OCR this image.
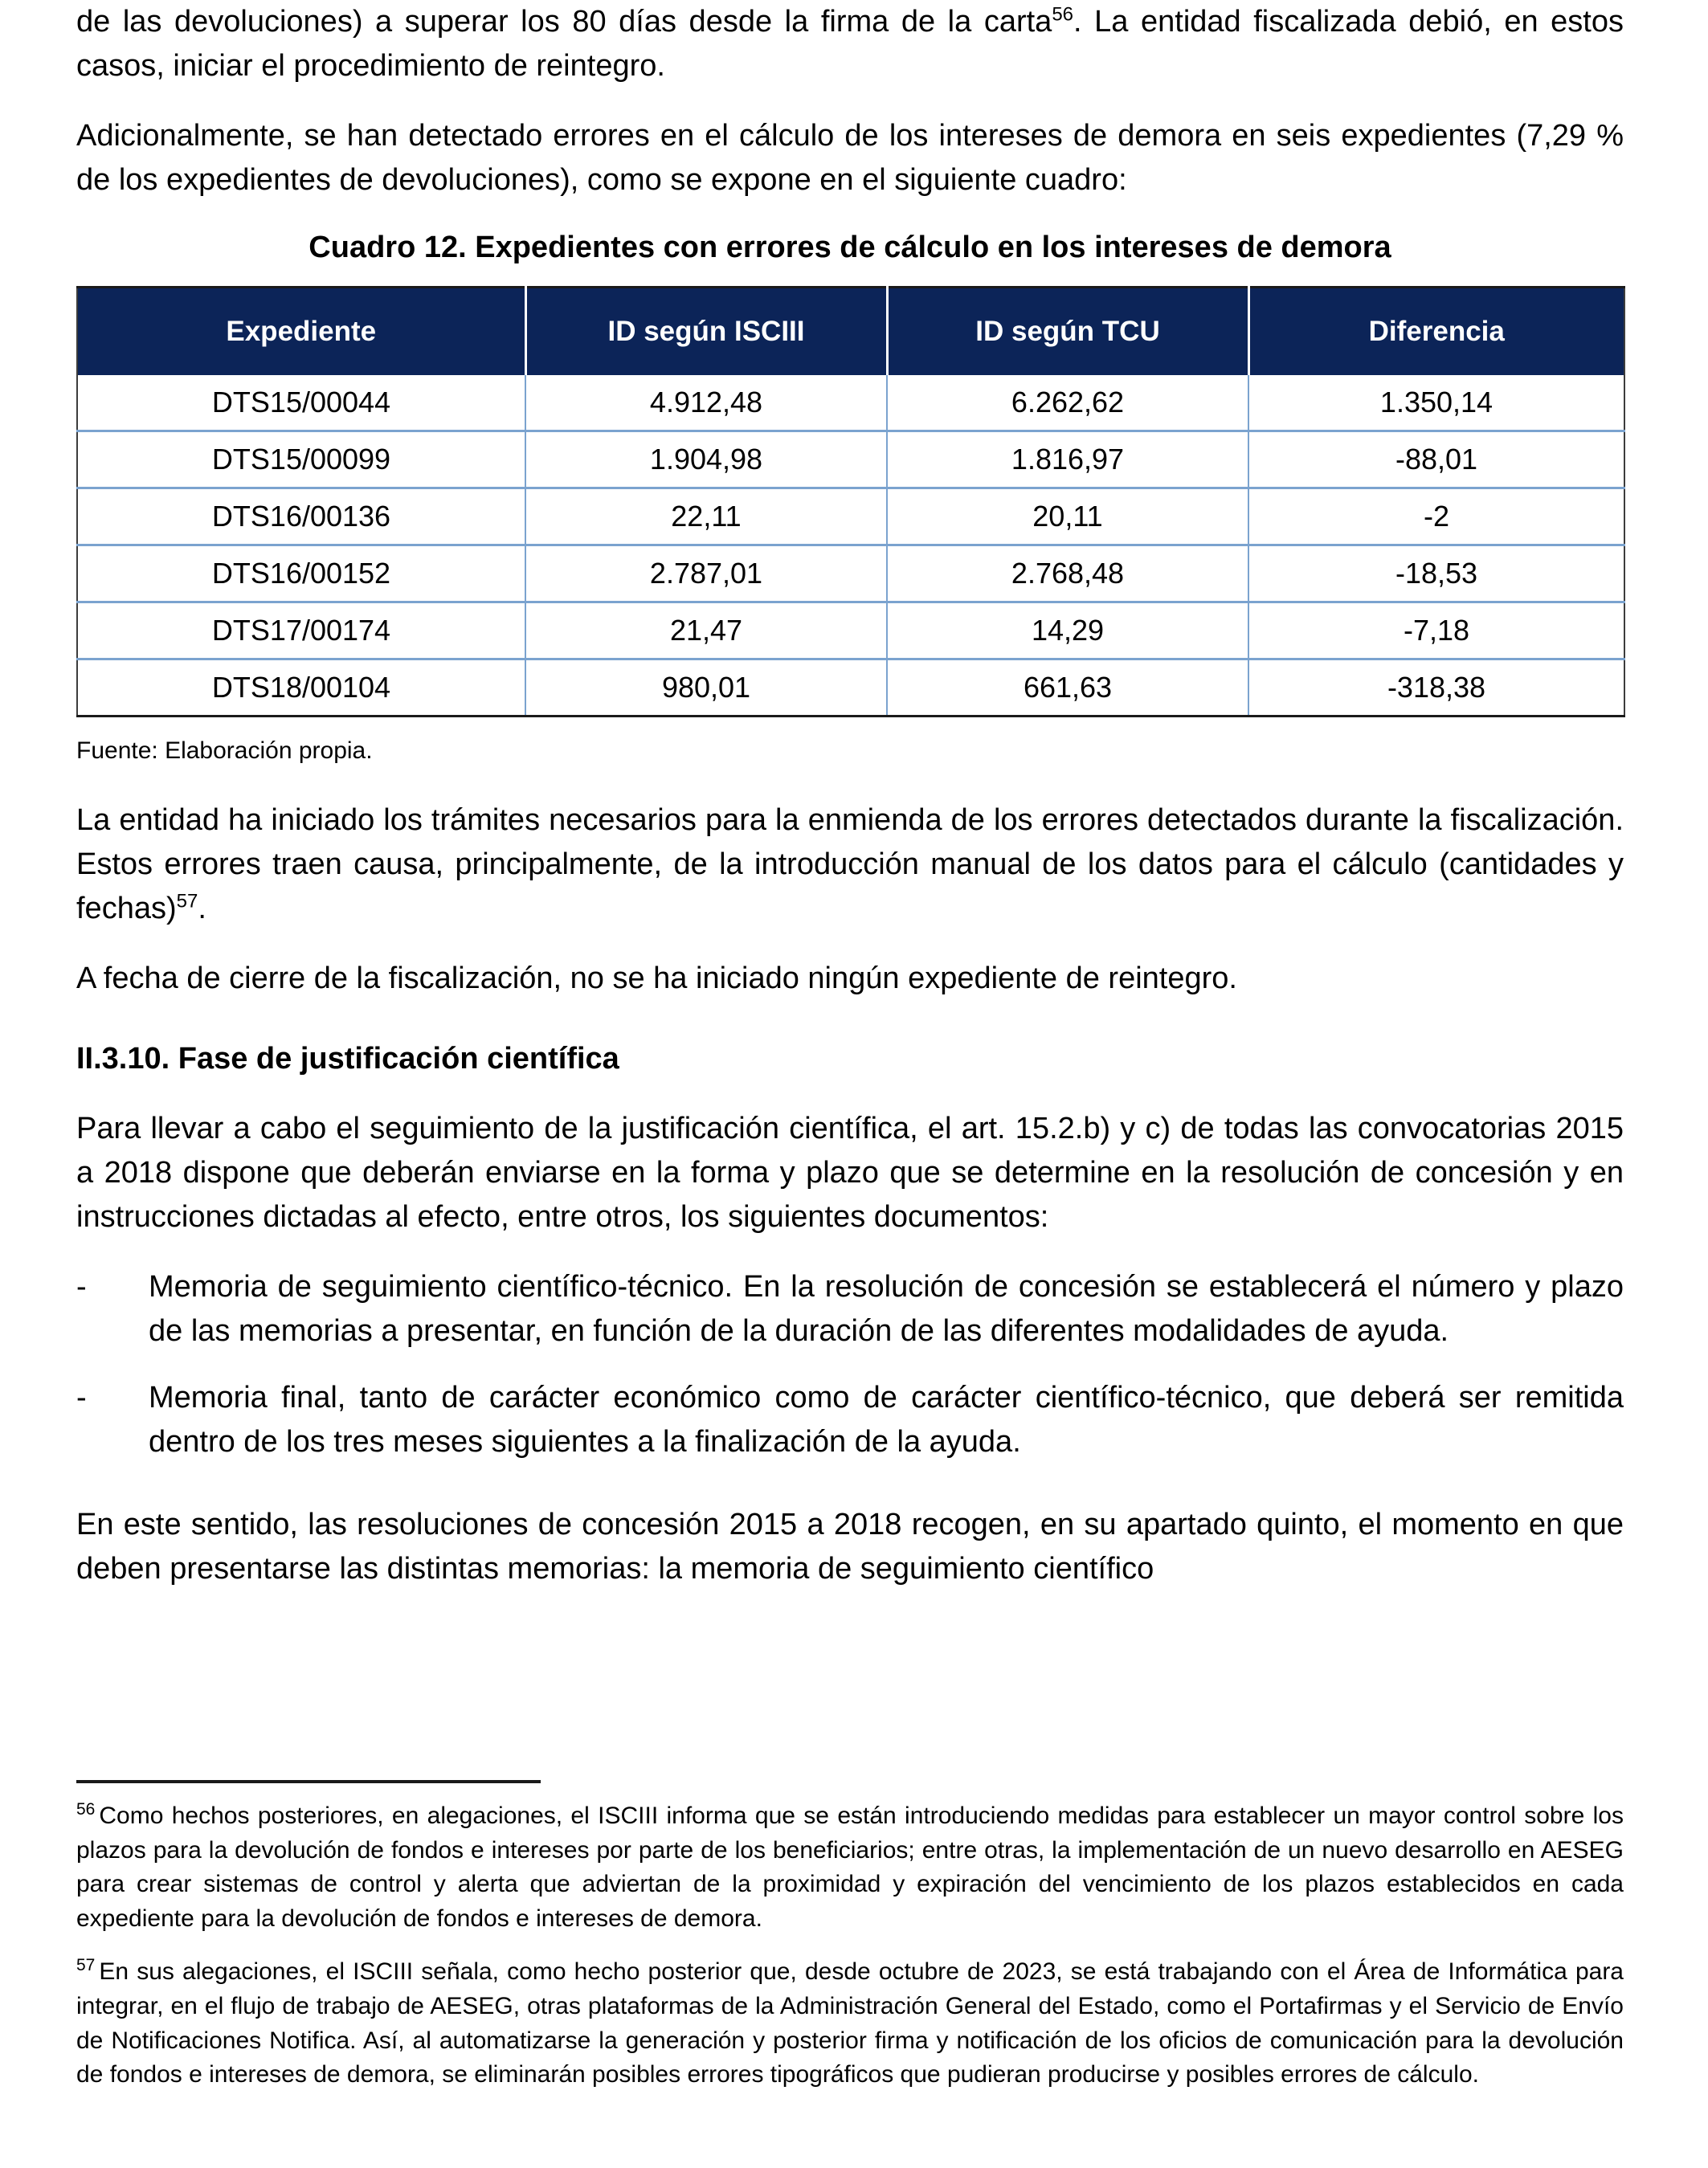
de las devoluciones) a superar los 80 días desde la firma de la carta$^{56}$. La entidad fiscalizada debió, en estos casos, iniciar el procedimiento de reintegro.

Adicionalmente, se han detectado errores en el cálculo de los intereses de demora en seis expedientes (7,29 % de los expedientes de devoluciones), como se expone en el siguiente cuadro:

Cuadro 12. Expedientes con errores de cálculo en los intereses de demora
Expediente	ID según ISCIII	ID según TCU	Diferencia
DTS15/00044	4.912,48	6.262,62	1.350,14
DTS15/00099	1.904,98	1.816,97	-88,01
DTS16/00136	22,11	20,11	-2
DTS16/00152	2.787,01	2.768,48	-18,53
DTS17/00174	21,47	14,29	-7,18
DTS18/00104	980,01	661,63	-318,38

Fuente: Elaboración propia.

La entidad ha iniciado los trámites necesarios para la enmienda de los errores detectados durante la fiscalización. Estos errores traen causa, principalmente, de la introducción manual de los datos para el cálculo (cantidades y fechas)$^{57}$.

A fecha de cierre de la fiscalización, no se ha iniciado ningún expediente de reintegro.

II.3.10. Fase de justificación científica

Para llevar a cabo el seguimiento de la justificación científica, el art. 15.2.b) y c) de todas las convocatorias 2015 a 2018 dispone que deberán enviarse en la forma y plazo que se determine en la resolución de concesión y en instrucciones dictadas al efecto, entre otros, los siguientes documentos:

- Memoria de seguimiento científico-técnico. En la resolución de concesión se establecerá el número y plazo de las memorias a presentar, en función de la duración de las diferentes modalidades de ayuda.
- Memoria final, tanto de carácter económico como de carácter científico-técnico, que deberá ser remitida dentro de los tres meses siguientes a la finalización de la ayuda.

En este sentido, las resoluciones de concesión 2015 a 2018 recogen, en su apartado quinto, el momento en que deben presentarse las distintas memorias: la memoria de seguimiento científico

$^{56}$ Como hechos posteriores, en alegaciones, el ISCIII informa que se están introduciendo medidas para establecer un mayor control sobre los plazos para la devolución de fondos e intereses por parte de los beneficiarios; entre otras, la implementación de un nuevo desarrollo en AESEG para crear sistemas de control y alerta que adviertan de la proximidad y expiración del vencimiento de los plazos establecidos en cada expediente para la devolución de fondos e intereses de demora.

$^{57}$ En sus alegaciones, el ISCIII señala, como hecho posterior que, desde octubre de 2023, se está trabajando con el Área de Informática para integrar, en el flujo de trabajo de AESEG, otras plataformas de la Administración General del Estado, como el Portafirmas y el Servicio de Envío de Notificaciones Notifica. Así, al automatizarse la generación y posterior firma y notificación de los oficios de comunicación para la devolución de fondos e intereses de demora, se eliminarán posibles errores tipográficos que pudieran producirse y posibles errores de cálculo.
